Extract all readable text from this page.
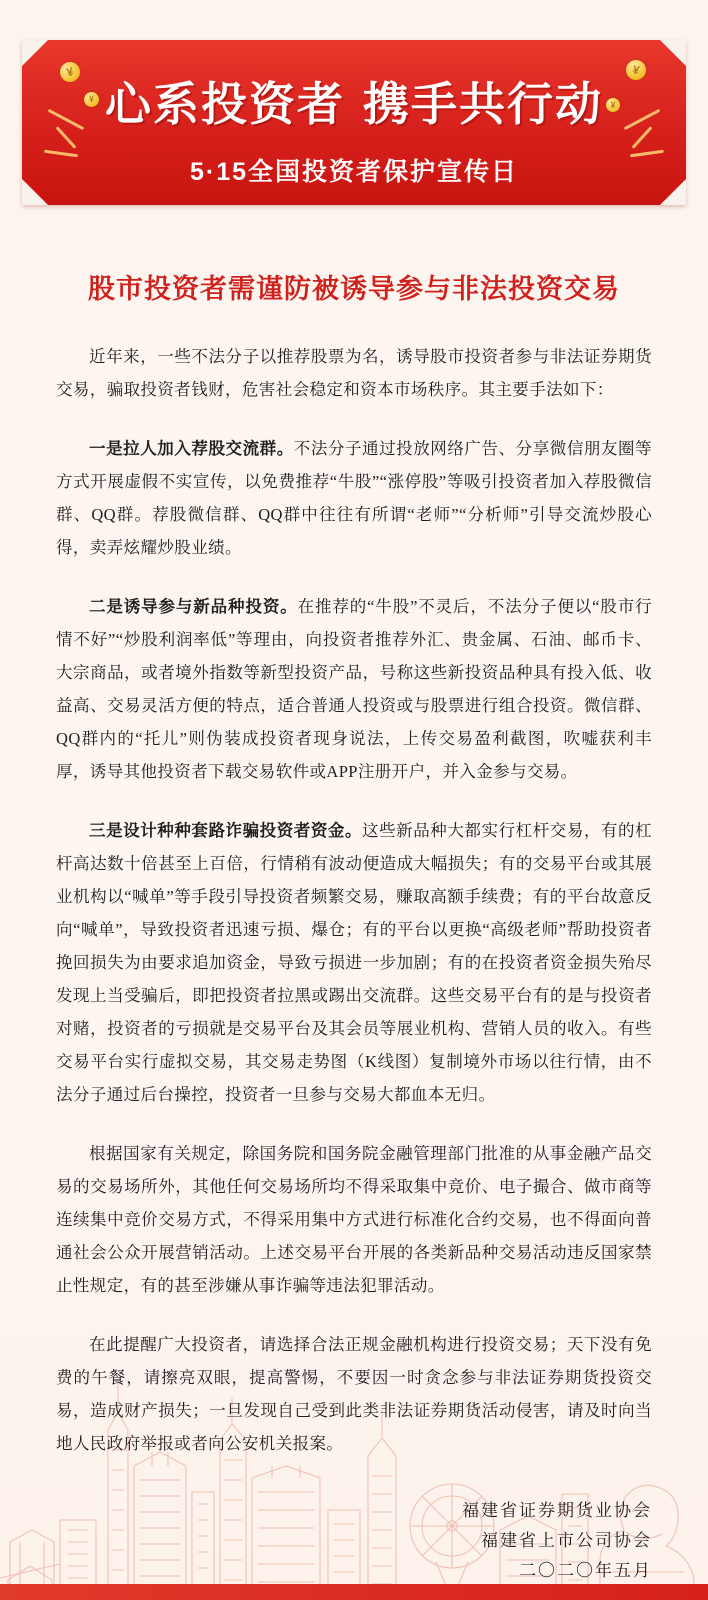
¥
¥
¥
¥
心系投资者 携手共行动
5·15全国投资者保护宣传日
股市投资者需谨防被诱导参与非法投资交易

近年来，一些不法分子以推荐股票为名，诱导股市投资者参与非法证券期货交易，骗取投资者钱财，危害社会稳定和资本市场秩序。其主要手法如下：

一是拉人加入荐股交流群。不法分子通过投放网络广告、分享微信朋友圈等方式开展虚假不实宣传，以免费推荐“牛股”“涨停股”等吸引投资者加入荐股微信群、QQ群。荐股微信群、QQ群中往往有所谓“老师”“分析师”引导交流炒股心得，卖弄炫耀炒股业绩。

二是诱导参与新品种投资。在推荐的“牛股”不灵后，不法分子便以“股市行情不好”“炒股利润率低”等理由，向投资者推荐外汇、贵金属、石油、邮币卡、大宗商品，或者境外指数等新型投资产品，号称这些新投资品种具有投入低、收益高、交易灵活方便的特点，适合普通人投资或与股票进行组合投资。微信群、QQ群内的“托儿”则伪装成投资者现身说法，上传交易盈利截图，吹嘘获利丰厚，诱导其他投资者下载交易软件或APP注册开户，并入金参与交易。

三是设计种种套路诈骗投资者资金。这些新品种大都实行杠杆交易，有的杠杆高达数十倍甚至上百倍，行情稍有波动便造成大幅损失；有的交易平台或其展业机构以“喊单”等手段引导投资者频繁交易，赚取高额手续费；有的平台故意反向“喊单”，导致投资者迅速亏损、爆仓；有的平台以更换“高级老师”帮助投资者挽回损失为由要求追加资金，导致亏损进一步加剧；有的在投资者资金损失殆尽发现上当受骗后，即把投资者拉黑或踢出交流群。这些交易平台有的是与投资者对赌，投资者的亏损就是交易平台及其会员等展业机构、营销人员的收入。有些交易平台实行虚拟交易，其交易走势图（K线图）复制境外市场以往行情，由不法分子通过后台操控，投资者一旦参与交易大都血本无归。

根据国家有关规定，除国务院和国务院金融管理部门批准的从事金融产品交易的交易场所外，其他任何交易场所均不得采取集中竞价、电子撮合、做市商等连续集中竞价交易方式，不得采用集中方式进行标准化合约交易，也不得面向普通社会公众开展营销活动。上述交易平台开展的各类新品种交易活动违反国家禁止性规定，有的甚至涉嫌从事诈骗等违法犯罪活动。

在此提醒广大投资者，请选择合法正规金融机构进行投资交易；天下没有免费的午餐，请擦亮双眼，提高警惕，不要因一时贪念参与非法证券期货投资交易，造成财产损失；一旦发现自己受到此类非法证券期货活动侵害，请及时向当地人民政府举报或者向公安机关报案。

福建省证券期货业协会
福建省上市公司协会
二〇二〇年五月
